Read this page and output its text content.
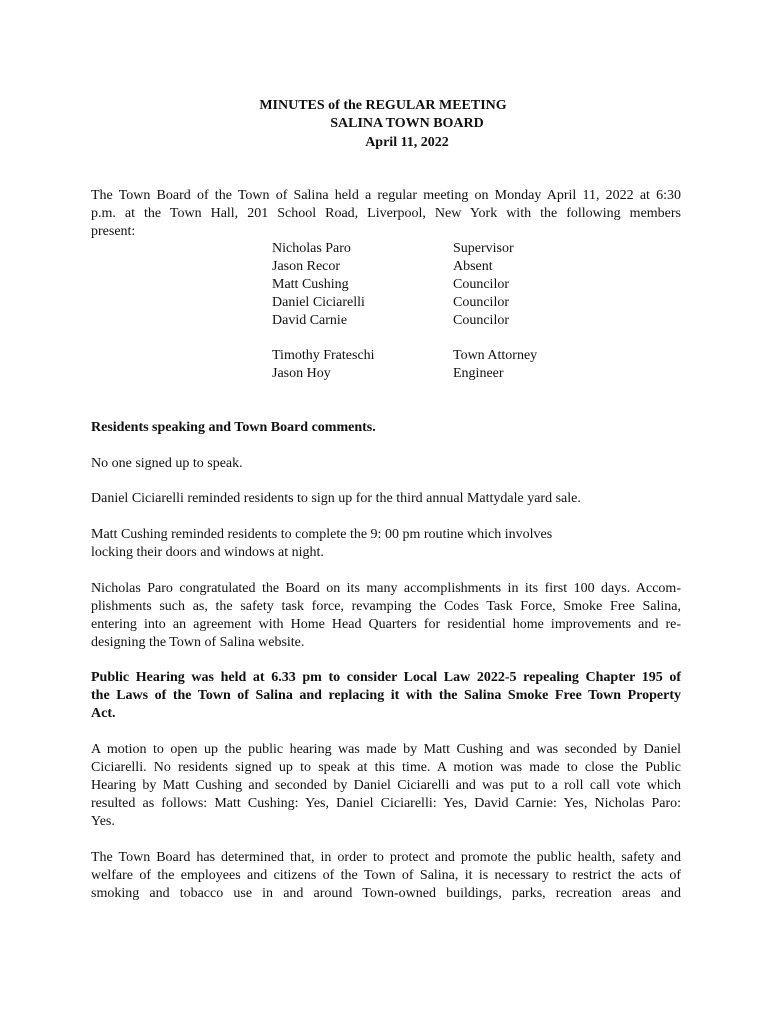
MINUTES of the REGULAR MEETING
SALINA TOWN BOARD
April 11, 2022
The Town Board of the Town of Salina held a regular meeting on Monday April 11, 2022 at 6:30
p.m. at the Town Hall, 201 School Road, Liverpool, New York with the following members
present:
Nicholas Paro	Supervisor
Jason Recor	Absent
Matt Cushing	Councilor
Daniel Ciciarelli	Councilor
David Carnie	Councilor
Timothy Frateschi	Town Attorney
Jason Hoy	Engineer
Residents speaking and Town Board comments.
No one signed up to speak.
Daniel Ciciarelli reminded residents to sign up for the third annual Mattydale yard sale.
Matt Cushing reminded residents to complete the 9: 00 pm routine which involves
locking their doors and windows at night.
Nicholas Paro congratulated the Board on its many accomplishments in its first 100 days. Accom-
plishments such as, the safety task force, revamping the Codes Task Force, Smoke Free Salina,
entering into an agreement with Home Head Quarters for residential home improvements and re-
designing the Town of Salina website.
Public Hearing was held at 6.33 pm to consider Local Law 2022-5 repealing Chapter 195 of
the Laws of the Town of Salina and replacing it with the Salina Smoke Free Town Property
Act.
A motion to open up the public hearing was made by Matt Cushing and was seconded by Daniel
Ciciarelli. No residents signed up to speak at this time. A motion was made to close the Public
Hearing by Matt Cushing and seconded by Daniel Ciciarelli and was put to a roll call vote which
resulted as follows: Matt Cushing: Yes, Daniel Ciciarelli: Yes, David Carnie: Yes, Nicholas Paro:
Yes.
The Town Board has determined that, in order to protect and promote the public health, safety and
welfare of the employees and citizens of the Town of Salina, it is necessary to restrict the acts of
smoking and tobacco use in and around Town-owned buildings, parks, recreation areas and
